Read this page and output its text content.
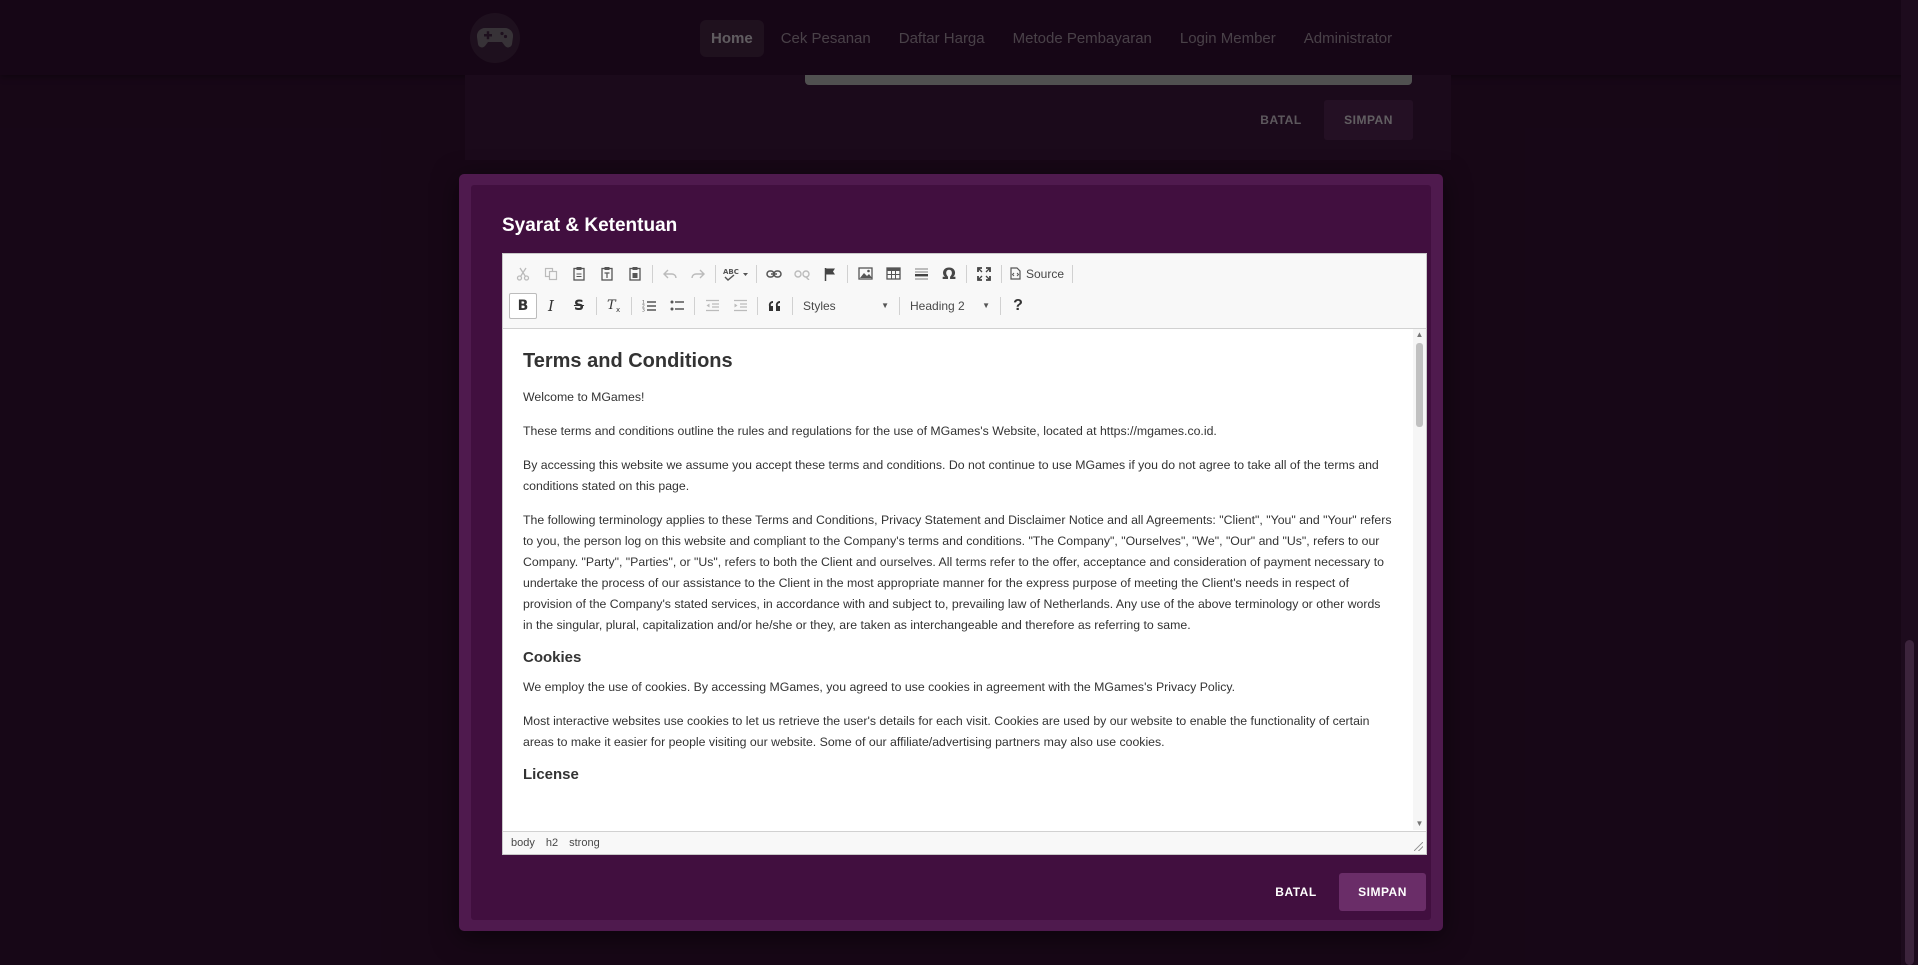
Syarat & Ketentuan
ABC	Ω	Source
B I S T x
1
2
3	Styles	▼ Heading 2 ▼	?
Terms and Conditions

Welcome to MGames!

These terms and conditions outline the rules and regulations for the use of MGames's Website, located at https://mgames.co.id.

By accessing this website we assume you accept these terms and conditions. Do not continue to use MGames if you do not agree to take all of the terms and conditions stated on this page.

The following terminology applies to these Terms and Conditions, Privacy Statement and Disclaimer Notice and all Agreements: "Client", "You" and "Your" refers to you, the person log on this website and compliant to the Company's terms and conditions. "The Company", "Ourselves", "We", "Our" and "Us", refers to our Company. "Party", "Parties", or "Us", refers to both the Client and ourselves. All terms refer to the offer, acceptance and consideration of payment necessary to undertake the process of our assistance to the Client in the most appropriate manner for the express purpose of meeting the Client's needs in respect of provision of the Company's stated services, in accordance with and subject to, prevailing law of Netherlands. Any use of the above terminology or other words in the singular, plural, capitalization and/or he/she or they, are taken as interchangeable and therefore as referring to same.

Cookies

We employ the use of cookies. By accessing MGames, you agreed to use cookies in agreement with the MGames's Privacy Policy.

Most interactive websites use cookies to let us retrieve the user's details for each visit. Cookies are used by our website to enable the functionality of certain areas to make it easier for people visiting our website. Some of our affiliate/advertising partners may also use cookies.

License
▲
▼
body h2 strong
BATAL	SIMPAN
